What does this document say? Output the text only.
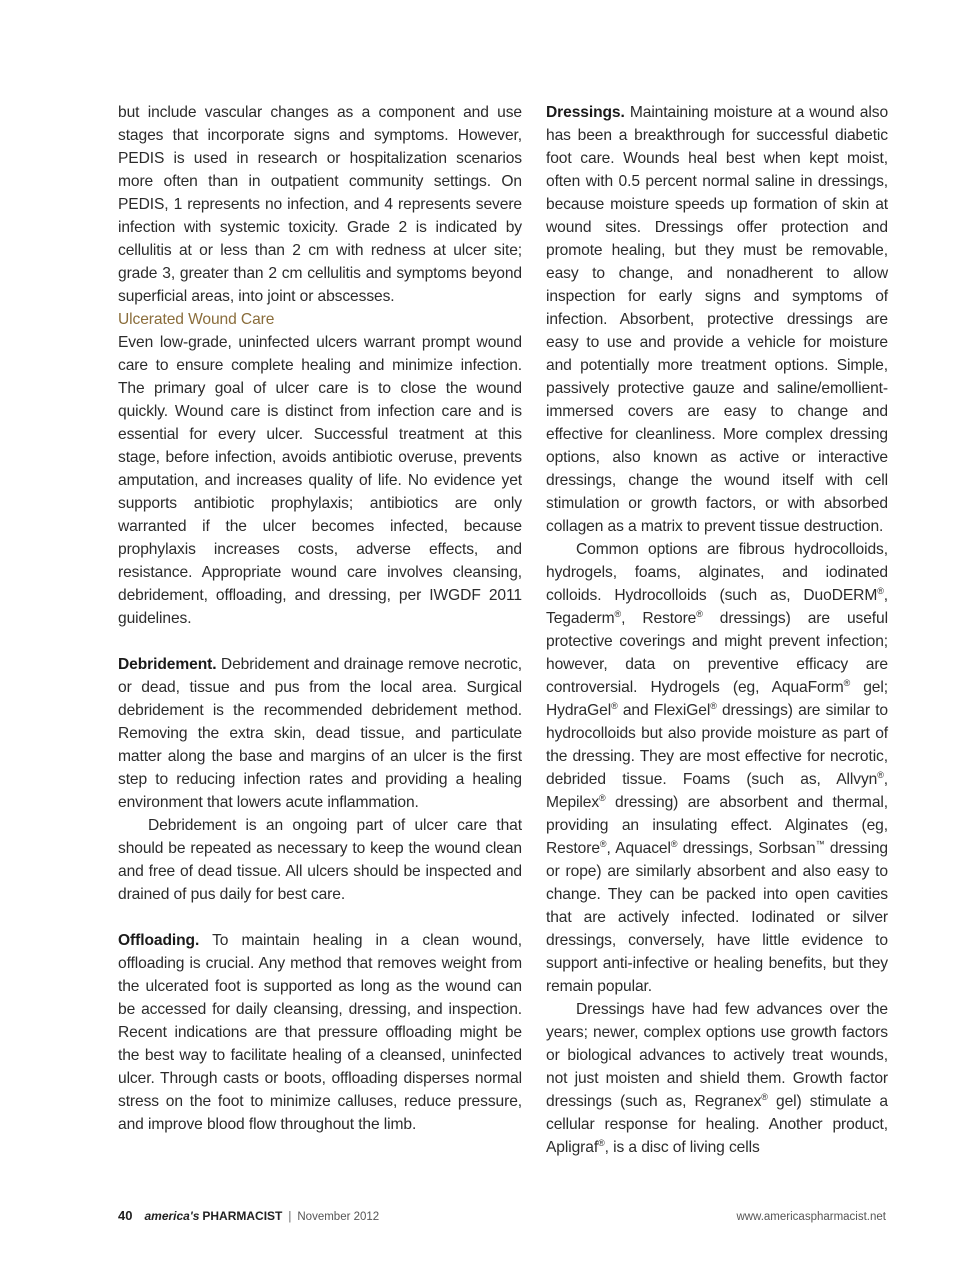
but include vascular changes as a component and use stages that incorporate signs and symptoms. However, PEDIS is used in research or hospitalization scenarios more often than in outpatient community settings. On PEDIS, 1 represents no infection, and 4 represents severe infection with systemic toxicity. Grade 2 is indicated by cellulitis at or less than 2 cm with redness at ulcer site; grade 3, greater than 2 cm cellulitis and symptoms beyond superficial areas, into joint or abscesses.

Ulcerated Wound Care

Even low-grade, uninfected ulcers warrant prompt wound care to ensure complete healing and minimize infection. The primary goal of ulcer care is to close the wound quickly. Wound care is distinct from infection care and is essential for every ulcer. Successful treatment at this stage, before infection, avoids antibiotic overuse, prevents amputation, and increases quality of life. No evidence yet supports antibiotic prophylaxis; antibiotics are only warranted if the ulcer becomes infected, because prophylaxis increases costs, adverse effects, and resistance. Appropriate wound care involves cleansing, debridement, offloading, and dressing, per IWGDF 2011 guidelines.

Debridement. Debridement and drainage remove necrotic, or dead, tissue and pus from the local area. Surgical debridement is the recommended debridement method. Removing the extra skin, dead tissue, and particulate matter along the base and margins of an ulcer is the first step to reducing infection rates and providing a healing environment that lowers acute inflammation.

Debridement is an ongoing part of ulcer care that should be repeated as necessary to keep the wound clean and free of dead tissue. All ulcers should be inspected and drained of pus daily for best care.

Offloading. To maintain healing in a clean wound, offloading is crucial. Any method that removes weight from the ulcerated foot is supported as long as the wound can be accessed for daily cleansing, dressing, and inspection. Recent indications are that pressure offloading might be the best way to facilitate healing of a cleansed, uninfected ulcer. Through casts or boots, offloading disperses normal stress on the foot to minimize calluses, reduce pressure, and improve blood flow throughout the limb.

Dressings. Maintaining moisture at a wound also has been a breakthrough for successful diabetic foot care. Wounds heal best when kept moist, often with 0.5 percent normal saline in dressings, because moisture speeds up formation of skin at wound sites. Dressings offer protection and promote healing, but they must be removable, easy to change, and nonadherent to allow inspection for early signs and symptoms of infection. Absorbent, protective dressings are easy to use and provide a vehicle for moisture and potentially more treatment options. Simple, passively protective gauze and saline/emollient-immersed covers are easy to change and effective for cleanliness. More complex dressing options, also known as active or interactive dressings, change the wound itself with cell stimulation or growth factors, or with absorbed collagen as a matrix to prevent tissue destruction.

Common options are fibrous hydrocolloids, hydrogels, foams, alginates, and iodinated colloids. Hydrocolloids (such as, DuoDERM®, Tegaderm®, Restore® dressings) are useful protective coverings and might prevent infection; however, data on preventive efficacy are controversial. Hydrogels (eg, AquaForm® gel; HydraGel® and FlexiGel® dressings) are similar to hydrocolloids but also provide moisture as part of the dressing. They are most effective for necrotic, debrided tissue. Foams (such as, Allvyn®, Mepilex® dressing) are absorbent and thermal, providing an insulating effect. Alginates (eg, Restore®, Aquacel® dressings, Sorbsan™ dressing or rope) are similarly absorbent and also easy to change. They can be packed into open cavities that are actively infected. Iodinated or silver dressings, conversely, have little evidence to support anti-infective or healing benefits, but they remain popular.

Dressings have had few advances over the years; newer, complex options use growth factors or biological advances to actively treat wounds, not just moisten and shield them. Growth factor dressings (such as, Regranex® gel) stimulate a cellular response for healing. Another product, Apligraf®, is a disc of living cells

40 america's PHARMACIST | November 2012	www.americaspharmacist.net
